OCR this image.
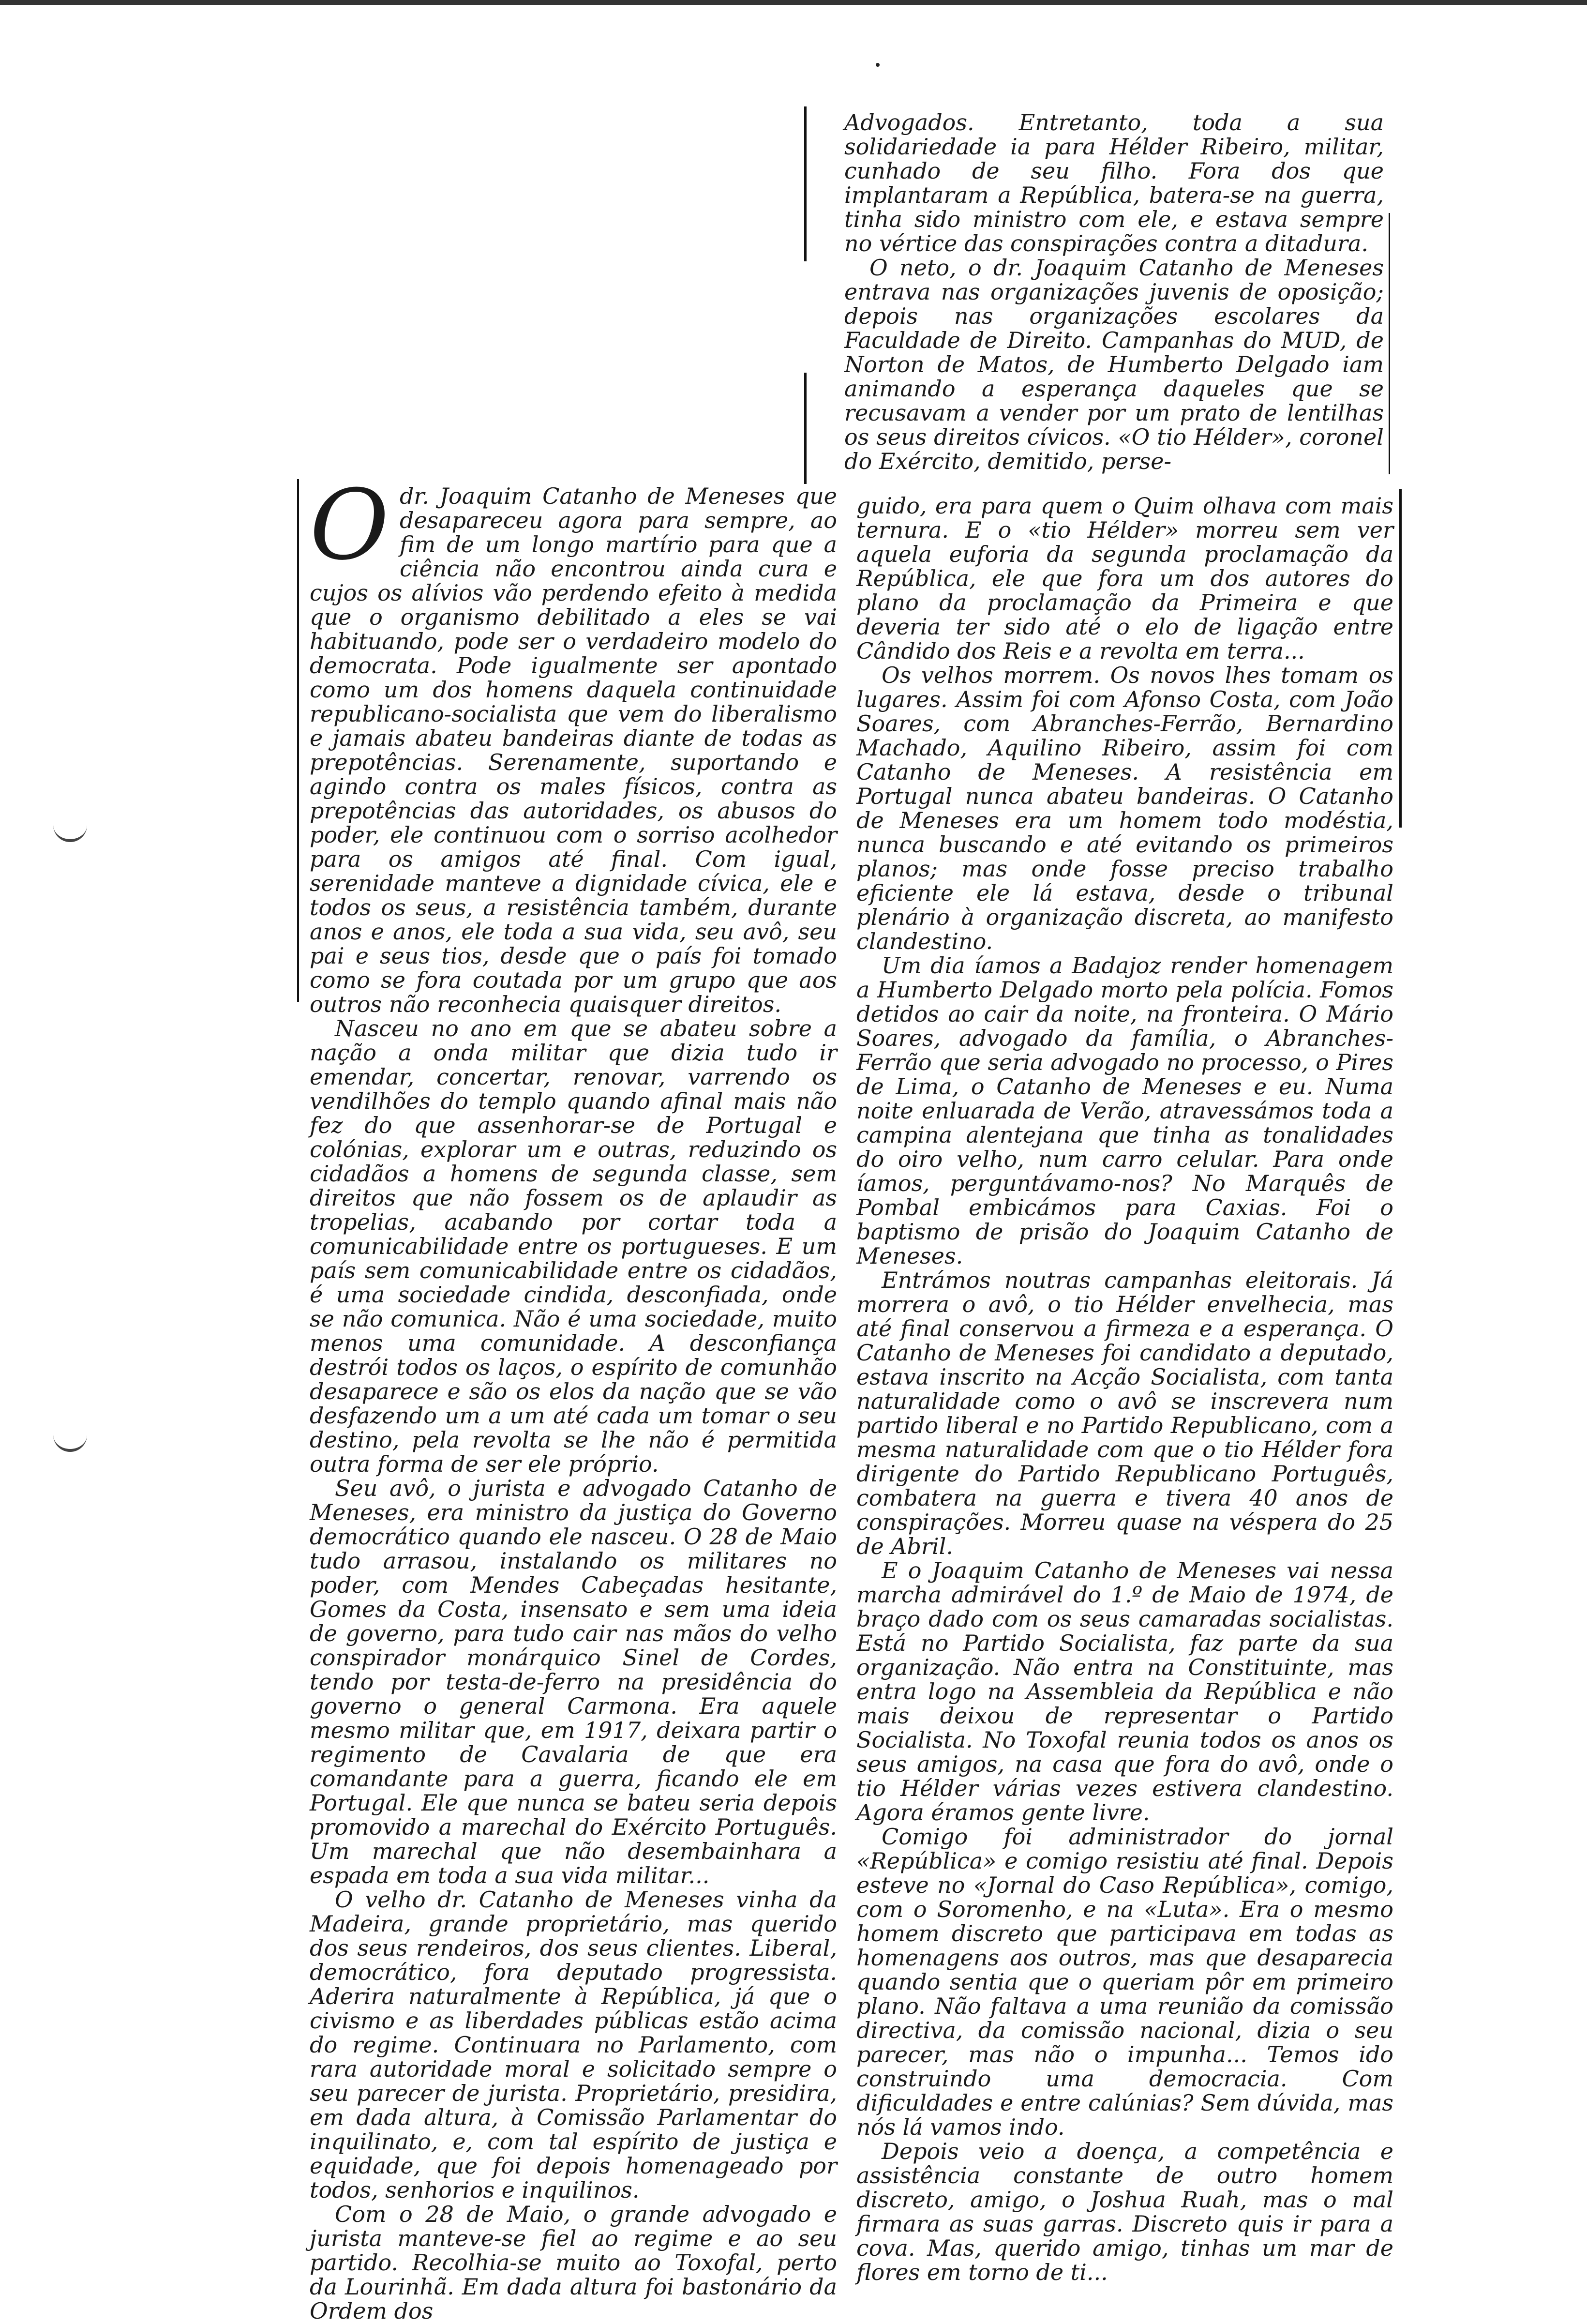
Odr. Joaquim Catanho de Meneses que desapareceu agora para sempre, ao fim de um longo martírio para que a ciência não encontrou ainda cura e cujos os alívios vão perdendo efeito à medida que o organismo debilitado a eles se vai habituando, pode ser o verdadeiro modelo do democrata. Pode igualmente ser apontado como um dos homens daquela continuidade republicano-socialista que vem do liberalismo e jamais abateu bandeiras diante de todas as prepotências. Serenamente, suportando e agindo contra os males físicos, contra as prepotências das autoridades, os abusos do poder, ele continuou com o sorriso acolhedor para os amigos até final. Com igual, serenidade manteve a dignidade cívica, ele e todos os seus, a resistência também, durante anos e anos, ele toda a sua vida, seu avô, seu pai e seus tios, desde que o país foi tomado como se fora coutada por um grupo que aos outros não reconhecia quaisquer direitos.

Nasceu no ano em que se abateu sobre a nação a onda militar que dizia tudo ir emendar, concertar, renovar, varrendo os vendilhões do templo quando afinal mais não fez do que assenhorar-se de Portugal e colónias, explorar um e outras, reduzindo os cidadãos a homens de segunda classe, sem direitos que não fossem os de aplaudir as tropelias, acabando por cortar toda a comunicabilidade entre os portugueses. E um país sem comunicabilidade entre os cidadãos, é uma sociedade cindida, desconfiada, onde se não comunica. Não é uma sociedade, muito menos uma comunidade. A desconfiança destrói todos os laços, o espírito de comunhão desaparece e são os elos da nação que se vão desfazendo um a um até cada um tomar o seu destino, pela revolta se lhe não é permitida outra forma de ser ele próprio.

Seu avô, o jurista e advogado Catanho de Meneses, era ministro da justiça do Governo democrático quando ele nasceu. O 28 de Maio tudo arrasou, instalando os militares no poder, com Mendes Cabeçadas hesitante, Gomes da Costa, insensato e sem uma ideia de governo, para tudo cair nas mãos do velho conspirador monárquico Sinel de Cordes, tendo por testa-de-ferro na presidência do governo o general Carmona. Era aquele mesmo militar que, em 1917, deixara partir o regimento de Cavalaria de que era comandante para a guerra, ficando ele em Portugal. Ele que nunca se bateu seria depois promovido a marechal do Exército Português. Um marechal que não desembainhara a espada em toda a sua vida militar...

O velho dr. Catanho de Meneses vinha da Madeira, grande proprietário, mas querido dos seus rendeiros, dos seus clientes. Liberal, democrático, fora deputado progressista. Aderira naturalmente à República, já que o civismo e as liberdades públicas estão acima do regime. Continuara no Parlamento, com rara autoridade moral e solicitado sempre o seu parecer de jurista. Proprietário, presidira, em dada altura, à Comissão Parlamentar do inquilinato, e, com tal espírito de justiça e equidade, que foi depois homenageado por todos, senhorios e inquilinos.

Com o 28 de Maio, o grande advogado e jurista manteve-se fiel ao regime e ao seu partido. Recolhia-se muito ao Toxofal, perto da Lourinhã. Em dada altura foi bastonário da Ordem dos

Advogados. Entretanto, toda a sua solidariedade ia para Hélder Ribeiro, militar, cunhado de seu filho. Fora dos que implantaram a República, batera-se na guerra, tinha sido ministro com ele, e estava sempre no vértice das conspirações contra a ditadura.

O neto, o dr. Joaquim Catanho de Meneses entrava nas organizações juvenis de oposição; depois nas organizações escolares da Faculdade de Direito. Campanhas do MUD, de Norton de Matos, de Humberto Delgado iam animando a esperança daqueles que se recusavam a vender por um prato de lentilhas os seus direitos cívicos. «O tio Hélder», coronel do Exército, demitido, perse-

guido, era para quem o Quim olhava com mais ternura. E o «tio Hélder» morreu sem ver aquela euforia da segunda proclamação da República, ele que fora um dos autores do plano da proclamação da Primeira e que deveria ter sido até o elo de ligação entre Cândido dos Reis e a revolta em terra...

Os velhos morrem. Os novos lhes tomam os lugares. Assim foi com Afonso Costa, com João Soares, com Abranches-Ferrão, Bernardino Machado, Aquilino Ribeiro, assim foi com Catanho de Meneses. A resistência em Portugal nunca abateu bandeiras. O Catanho de Meneses era um homem todo modéstia, nunca buscando e até evitando os primeiros planos; mas onde fosse preciso trabalho eficiente ele lá estava, desde o tribunal plenário à organização discreta, ao manifesto clandestino.

Um dia íamos a Badajoz render homenagem a Humberto Delgado morto pela polícia. Fomos detidos ao cair da noite, na fronteira. O Mário Soares, advogado da família, o Abranches-Ferrão que seria advogado no processo, o Pires de Lima, o Catanho de Meneses e eu. Numa noite enluarada de Verão, atravessámos toda a campina alentejana que tinha as tonalidades do oiro velho, num carro celular. Para onde íamos, perguntávamo-nos? No Marquês de Pombal embicámos para Caxias. Foi o baptismo de prisão do Joaquim Catanho de Meneses.

Entrámos noutras campanhas eleitorais. Já morrera o avô, o tio Hélder envelhecia, mas até final conservou a firmeza e a esperança. O Catanho de Meneses foi candidato a deputado, estava inscrito na Acção Socialista, com tanta naturalidade como o avô se inscrevera num partido liberal e no Partido Republicano, com a mesma naturalidade com que o tio Hélder fora dirigente do Partido Republicano Português, combatera na guerra e tivera 40 anos de conspirações. Morreu quase na véspera do 25 de Abril.

E o Joaquim Catanho de Meneses vai nessa marcha admirável do 1.º de Maio de 1974, de braço dado com os seus camaradas socialistas. Está no Partido Socialista, faz parte da sua organização. Não entra na Constituinte, mas entra logo na Assembleia da República e não mais deixou de representar o Partido Socialista. No Toxofal reunia todos os anos os seus amigos, na casa que fora do avô, onde o tio Hélder várias vezes estivera clandestino. Agora éramos gente livre.

Comigo foi administrador do jornal «República» e comigo resistiu até final. Depois esteve no «Jornal do Caso República», comigo, com o Soromenho, e na «Luta». Era o mesmo homem discreto que participava em todas as homenagens aos outros, mas que desaparecia quando sentia que o queriam pôr em primeiro plano. Não faltava a uma reunião da comissão directiva, da comissão nacional, dizia o seu parecer, mas não o impunha... Temos ido construindo uma democracia. Com dificuldades e entre calúnias? Sem dúvida, mas nós lá vamos indo.

Depois veio a doença, a competência e assistência constante de outro homem discreto, amigo, o Joshua Ruah, mas o mal firmara as suas garras. Discreto quis ir para a cova. Mas, querido amigo, tinhas um mar de flores em torno de ti...
